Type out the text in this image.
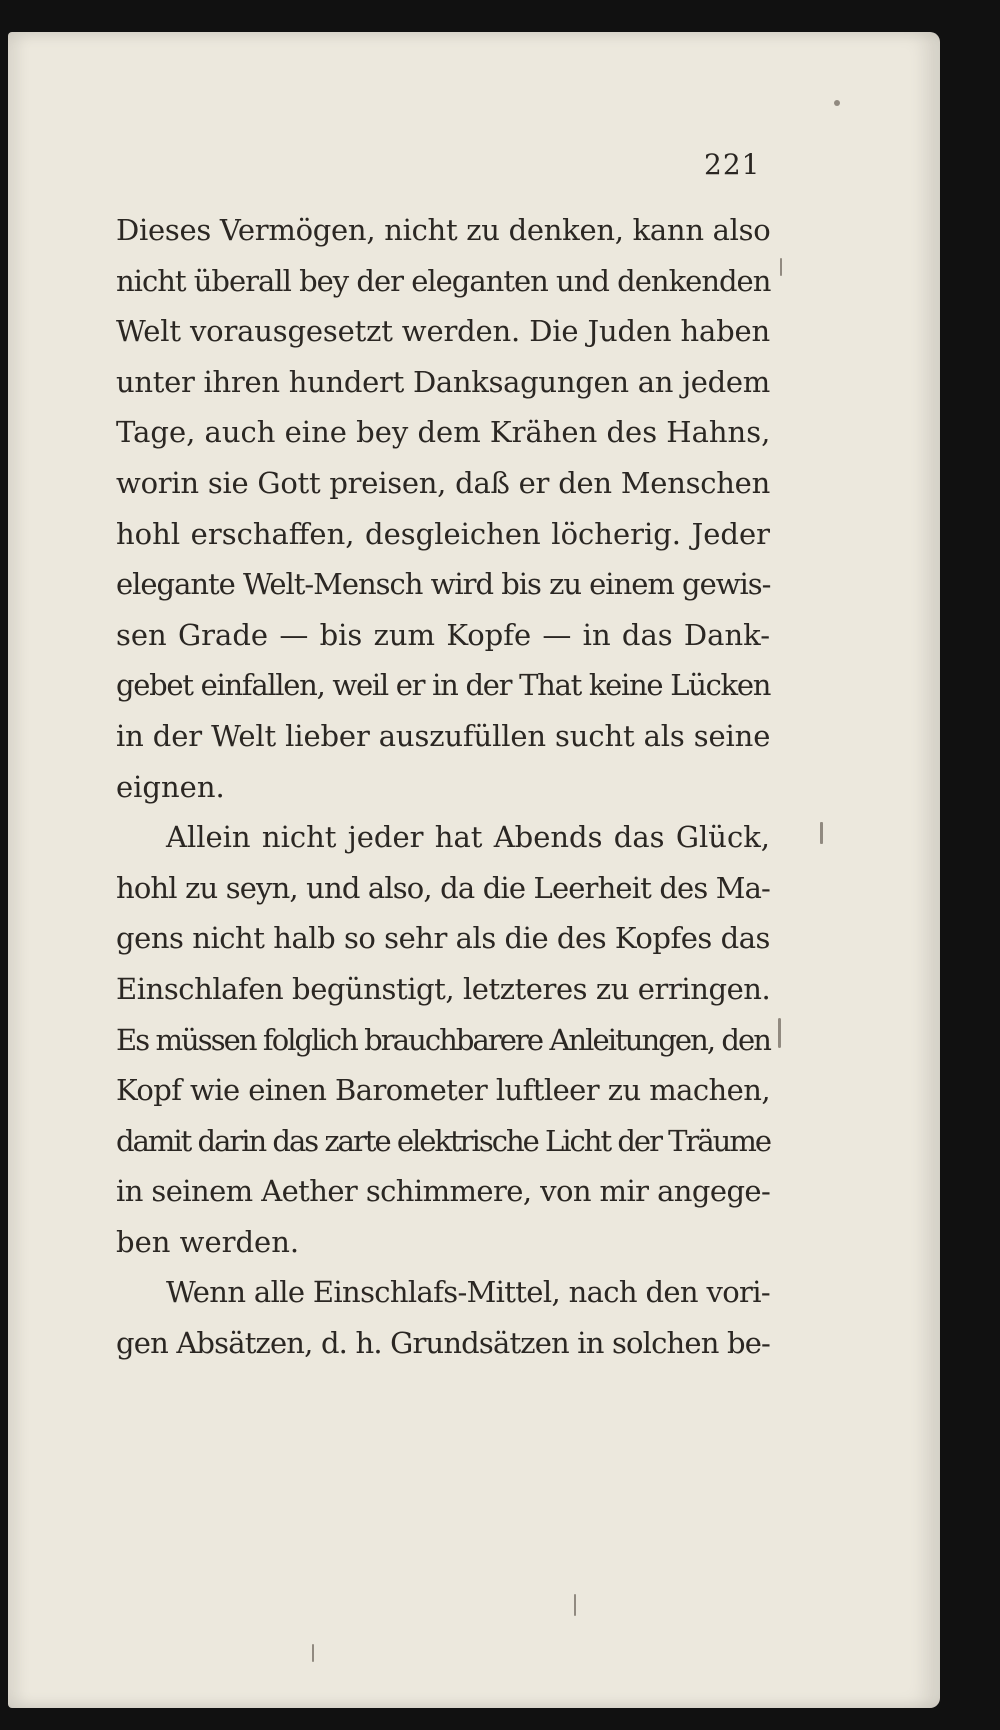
221

Dieses Vermögen, nicht zu denken, kann also
nicht überall bey der eleganten und denkenden
Welt vorausgesetzt werden. Die Juden haben
unter ihren hundert Danksagungen an jedem
Tage, auch eine bey dem Krähen des Hahns,
worin sie Gott preisen, daß er den Menschen
hohl erschaffen, desgleichen löcherig. Jeder
elegante Welt-Mensch wird bis zu einem gewis-
sen Grade — bis zum Kopfe — in das Dank-
gebet einfallen, weil er in der That keine Lücken
in der Welt lieber auszufüllen sucht als seine
eignen.

Allein nicht jeder hat Abends das Glück,
hohl zu seyn, und also, da die Leerheit des Ma-
gens nicht halb so sehr als die des Kopfes das
Einschlafen begünstigt, letzteres zu erringen.
Es müssen folglich brauchbarere Anleitungen, den
Kopf wie einen Barometer luftleer zu machen,
damit darin das zarte elektrische Licht der Träume
in seinem Aether schimmere, von mir angege-
ben werden.

Wenn alle Einschlafs-Mittel, nach den vori-
gen Absätzen, d. h. Grundsätzen in solchen be-
